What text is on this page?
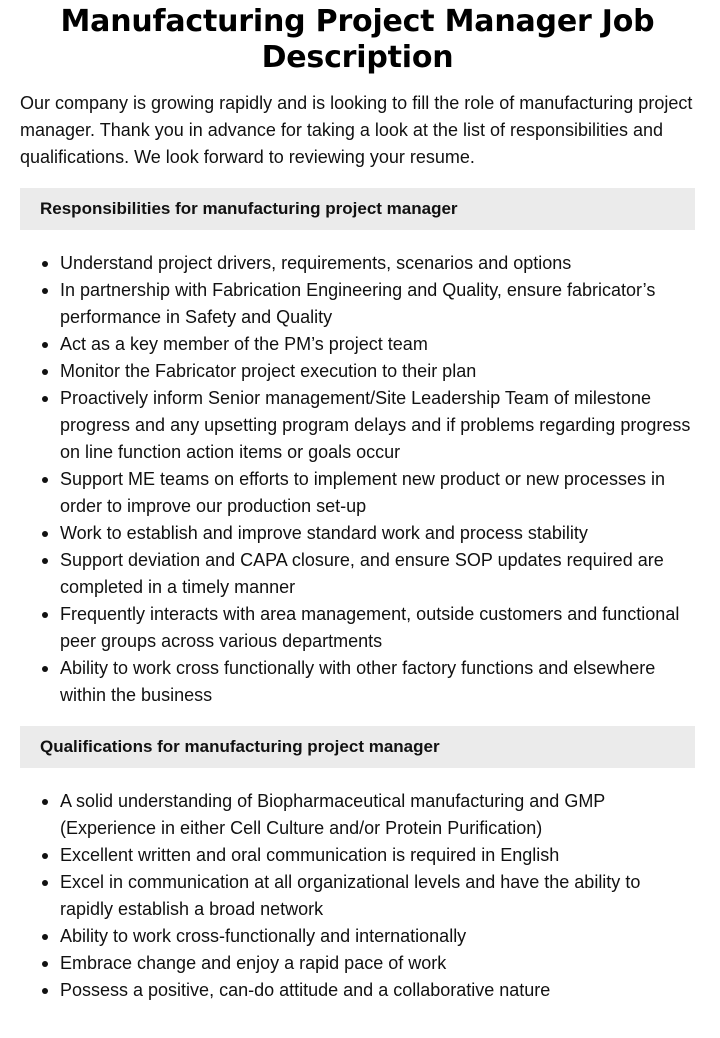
Manufacturing Project Manager Job Description

Our company is growing rapidly and is looking to fill the role of manufacturing project manager. Thank you in advance for taking a look at the list of responsibilities and qualifications. We look forward to reviewing your resume.

Responsibilities for manufacturing project manager
Understand project drivers, requirements, scenarios and options
In partnership with Fabrication Engineering and Quality, ensure fabricator’s performance in Safety and Quality
Act as a key member of the PM’s project team
Monitor the Fabricator project execution to their plan
Proactively inform Senior management/Site Leadership Team of milestone progress and any upsetting program delays and if problems regarding progress on line function action items or goals occur
Support ME teams on efforts to implement new product or new processes in order to improve our production set-up
Work to establish and improve standard work and process stability
Support deviation and CAPA closure, and ensure SOP updates required are completed in a timely manner
Frequently interacts with area management, outside customers and functional peer groups across various departments
Ability to work cross functionally with other factory functions and elsewhere within the business
Qualifications for manufacturing project manager
A solid understanding of Biopharmaceutical manufacturing and GMP (Experience in either Cell Culture and/or Protein Purification)
Excellent written and oral communication is required in English
Excel in communication at all organizational levels and have the ability to rapidly establish a broad network
Ability to work cross-functionally and internationally
Embrace change and enjoy a rapid pace of work
Possess a positive, can-do attitude and a collaborative nature
